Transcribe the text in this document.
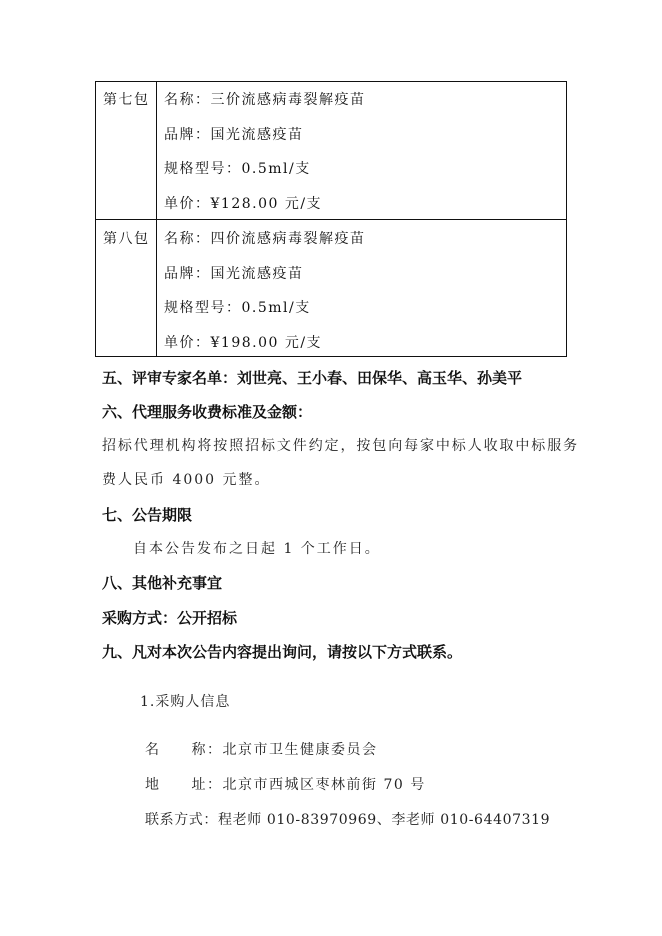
第七包 名称：三价流感病毒裂解疫苗
品牌：国光流感疫苗
规格型号：0.5ml/支
单价：¥128.00 元/支
第八包 名称：四价流感病毒裂解疫苗
品牌：国光流感疫苗
规格型号：0.5ml/支
单价：¥198.00 元/支
五、评审专家名单：刘世亮、王小春、田保华、高玉华、孙美平
六、代理服务收费标准及金额：
招标代理机构将按照招标文件约定，按包向每家中标人收取中标服务
费人民币 4000 元整。
七、公告期限
自本公告发布之日起 1 个工作日。
八、其他补充事宜
采购方式：公开招标
九、凡对本次公告内容提出询问，请按以下方式联系。
1.采购人信息
名　　称：北京市卫生健康委员会
地　　址：北京市西城区枣林前街 70 号
联系方式：程老师 010-83970969、李老师 010-64407319
